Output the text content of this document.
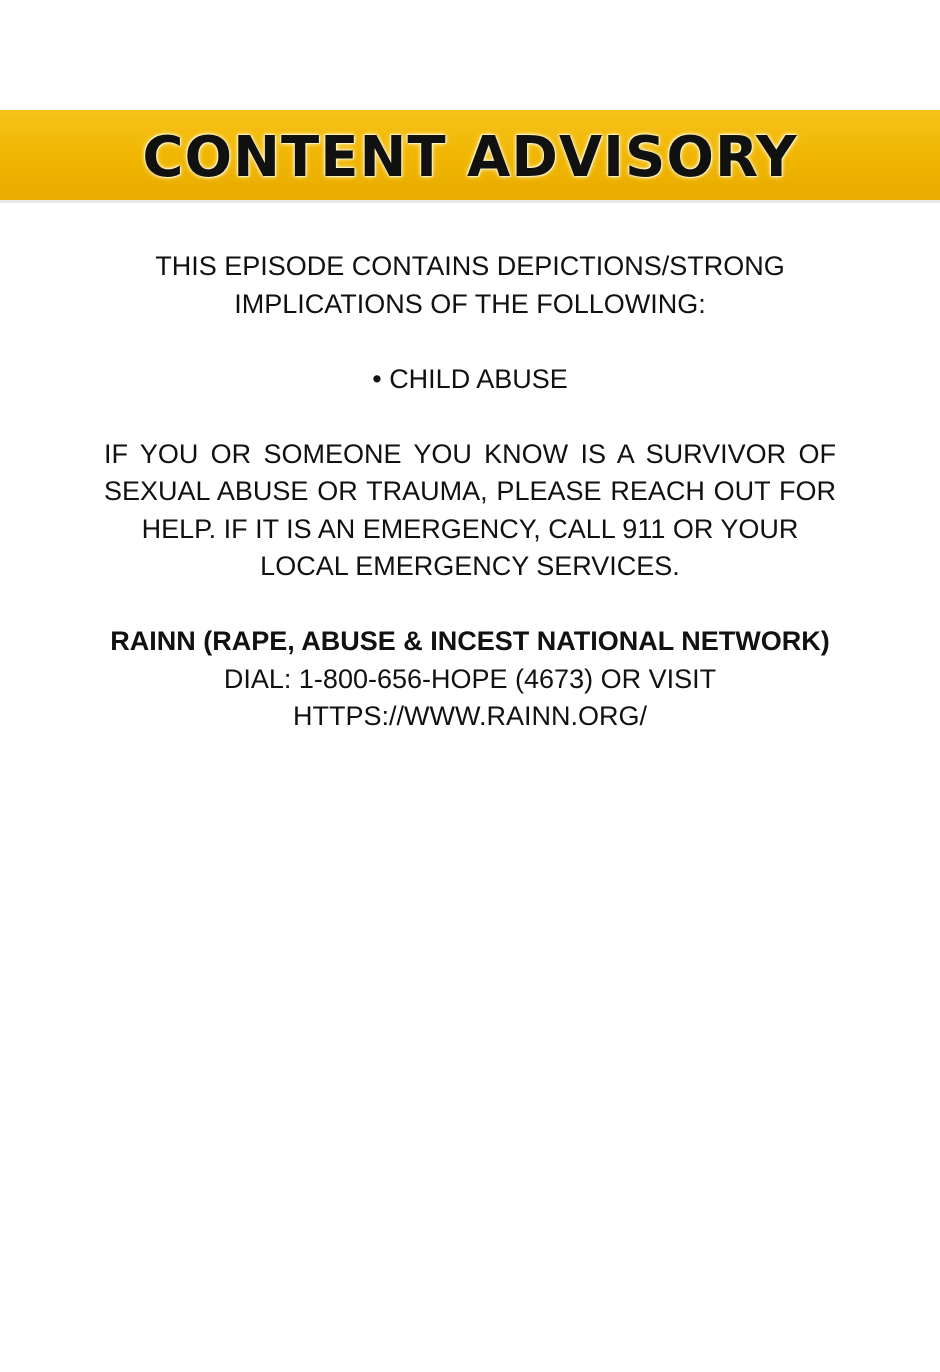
CONTENT ADVISORY
THIS EPISODE CONTAINS DEPICTIONS/STRONG
IMPLICATIONS OF THE FOLLOWING:
• CHILD ABUSE
IF YOU OR SOMEONE YOU KNOW IS A SURVIVOR OF
SEXUAL ABUSE OR TRAUMA, PLEASE REACH OUT FOR
HELP. IF IT IS AN EMERGENCY, CALL 911 OR YOUR
LOCAL EMERGENCY SERVICES.
RAINN (RAPE, ABUSE & INCEST NATIONAL NETWORK)
DIAL: 1-800-656-HOPE (4673) OR VISIT
HTTPS://WWW.RAINN.ORG/
